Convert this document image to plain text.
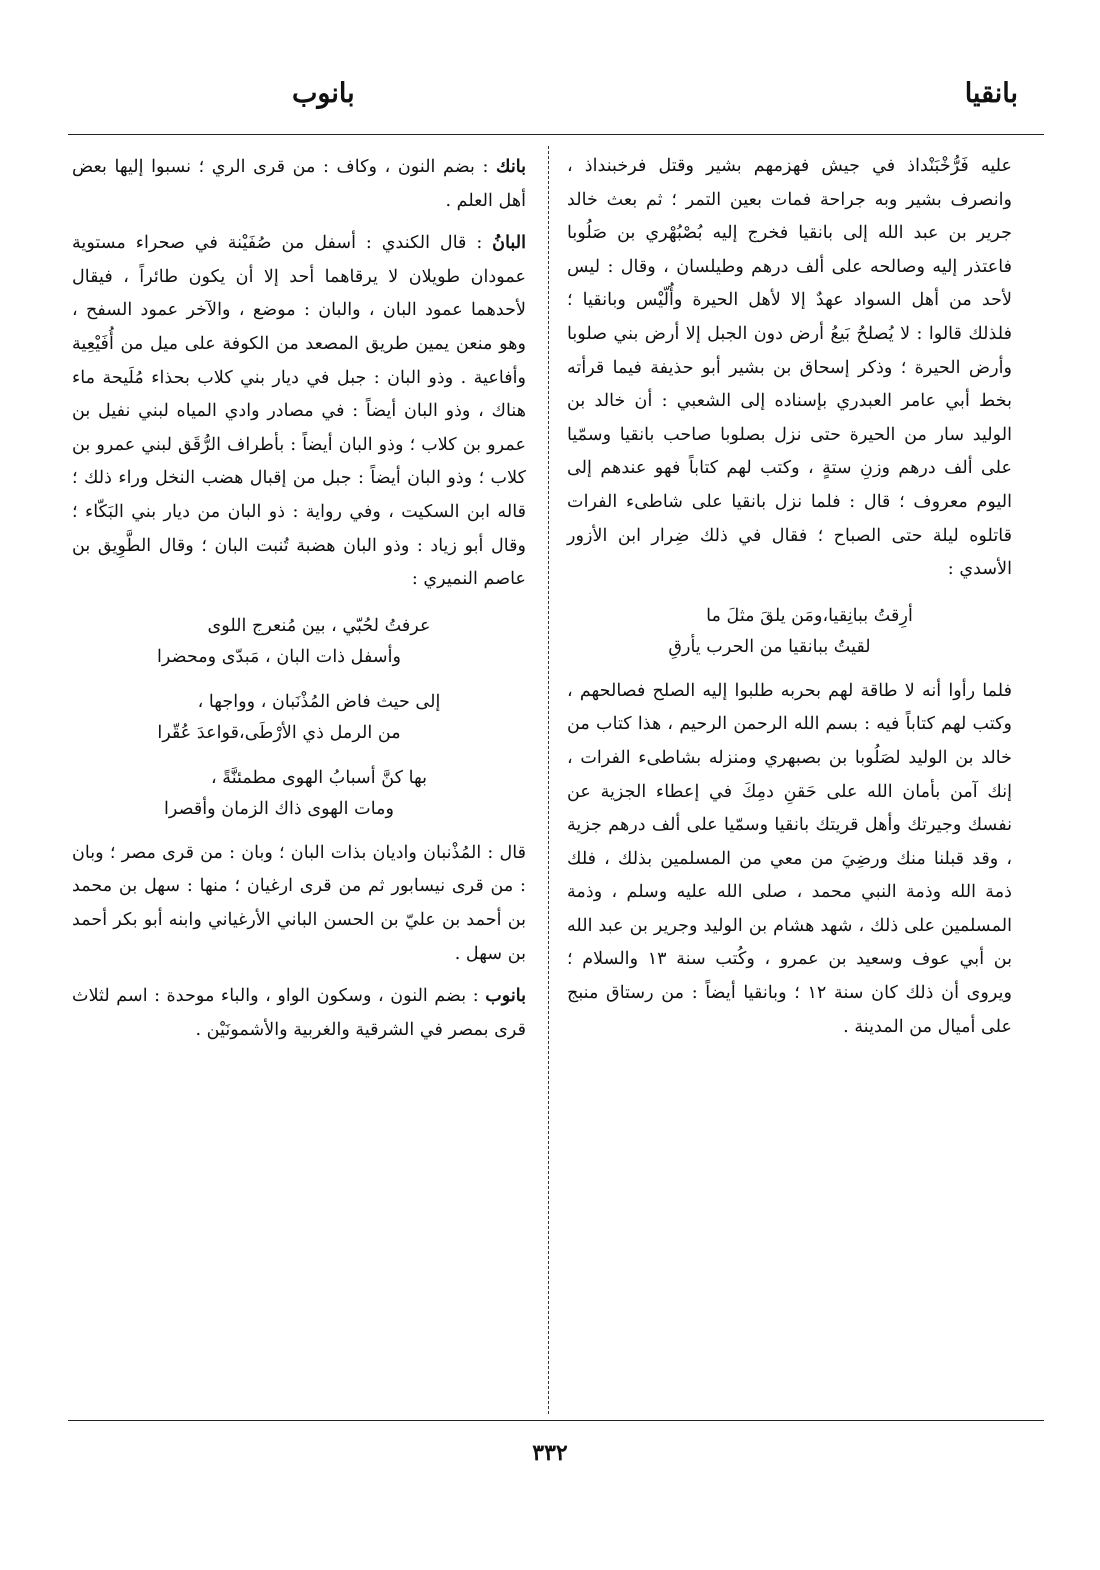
بانقيا
بانوب

عليه فَرُّخْبَنْداذ في جيش فهزمهم بشير وقتل فرخبنداذ ، وانصرف بشير وبه جراحة فمات بعين التمر ؛ ثم بعث خالد جرير بن عبد الله إلى بانقيا فخرج إليه بُصْبُهْري بن صَلُوبا فاعتذر إليه وصالحه على ألف درهم وطيلسان ، وقال : ليس لأحد من أهل السواد عهدٌ إلا لأهل الحيرة وأُلّيْس وبانقيا ؛ فلذلك قالوا : لا يُصلحُ بَيعُ أرض دون الجبل إلا أرض بني صلوبا وأرض الحيرة ؛ وذكر إسحاق بن بشير أبو حذيفة فيما قرأته بخط أبي عامر العبدري بإسناده إلى الشعبي : أن خالد بن الوليد سار من الحيرة حتى نزل بصلوبا صاحب بانقيا وسمّيا على ألف درهم وزنِ ستةٍ ، وكتب لهم كتاباً فهو عندهم إلى اليوم معروف ؛ قال : فلما نزل بانقيا على شاطىء الفرات قاتلوه ليلة حتى الصباح ؛ فقال في ذلك ضِرار ابن الأزور الأسدي :

أرِقتُ ببانِقيا،ومَن يلقَ مثلَ ما
لقيتُ ببانقيا من الحرب يأرقِ

فلما رأوا أنه لا طاقة لهم بحربه طلبوا إليه الصلح فصالحهم ، وكتب لهم كتاباً فيه : بسم الله الرحمن الرحيم ، هذا كتاب من خالد بن الوليد لصَلُوبا بن بصبهري ومنزله بشاطىء الفرات ، إنك آمن بأمان الله على حَقنِ دمِكَ في إعطاء الجزية عن نفسك وجيرتك وأهل قريتك بانقيا وسمّيا على ألف درهم جزية ، وقد قبلنا منك ورضِيَ من معي من المسلمين بذلك ، فلك ذمة الله وذمة النبي محمد ، صلى الله عليه وسلم ، وذمة المسلمين على ذلك ، شهد هشام بن الوليد وجرير بن عبد الله بن أبي عوف وسعيد بن عمرو ، وكُتب سنة ١٣ والسلام ؛ ويروى أن ذلك كان سنة ١٢ ؛ وبانقيا أيضاً : من رستاق منبج على أميال من المدينة .

بانك : بضم النون ، وكاف : من قرى الري ؛ نسبوا إليها بعض أهل العلم .

البانُ : قال الكندي : أسفل من صُفَيْنة في صحراء مستوية عمودان طويلان لا يرقاهما أحد إلا أن يكون طائراً ، فيقال لأحدهما عمود البان ، والبان : موضع ، والآخر عمود السفح ، وهو منعن يمين طريق المصعد من الكوفة على ميل من أُفَيْعِية وأفاعية . وذو البان : جبل في ديار بني كلاب بحذاء مُلَيحة ماء هناك ، وذو البان أيضاً : في مصادر وادي المياه لبني نفيل بن عمرو بن كلاب ؛ وذو البان أيضاً : بأطراف الرُّقَق لبني عمرو بن كلاب ؛ وذو البان أيضاً : جبل من إقبال هضب النخل وراء ذلك ؛ قاله ابن السكيت ، وفي رواية : ذو البان من ديار بني البَكّاء ؛ وقال أبو زياد : وذو البان هضبة تُنبت البان ؛ وقال الطَّوِيق بن عاصم النميري :

عرفتُ لحُبّي ، بين مُنعرج اللوى
وأسفل ذات البان ، مَبدّى ومحضرا
إلى حيث فاض المُذْنَبان ، وواجها ،
من الرمل ذي الأرْطَى،قواعدَ عُقّرا
بها كنَّ أسبابُ الهوى مطمئنَّةً ،
ومات الهوى ذاك الزمان وأقصرا

قال : المُذْنبان واديان بذات البان ؛ وبان : من قرى مصر ؛ وبان : من قرى نيسابور ثم من قرى ارغيان ؛ منها : سهل بن محمد بن أحمد بن عليّ بن الحسن الباني الأرغياني وابنه أبو بكر أحمد بن سهل .

بانوب : بضم النون ، وسكون الواو ، والباء موحدة : اسم لثلاث قرى بمصر في الشرقية والغربية والأشمونَيْن .

٣٣٢
